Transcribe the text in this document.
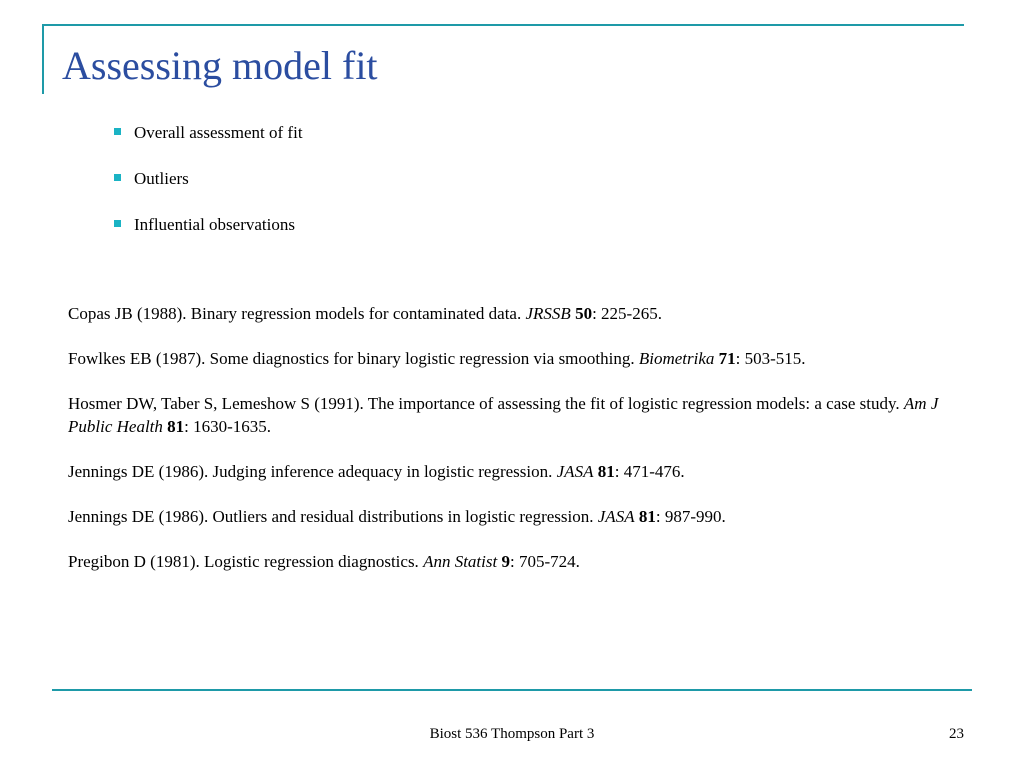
Assessing model fit
Overall assessment of fit
Outliers
Influential observations

Copas JB (1988). Binary regression models for contaminated data. JRSSB 50: 225-265.

Fowlkes EB (1987). Some diagnostics for binary logistic regression via smoothing. Biometrika 71: 503-515.

Hosmer DW, Taber S, Lemeshow S (1991). The importance of assessing the fit of logistic regression models: a case study. Am J Public Health 81: 1630-1635.

Jennings DE (1986). Judging inference adequacy in logistic regression. JASA 81: 471-476.

Jennings DE (1986). Outliers and residual distributions in logistic regression. JASA 81: 987-990.

Pregibon D (1981). Logistic regression diagnostics. Ann Statist 9: 705-724.

Biost 536 Thompson Part 3	23
